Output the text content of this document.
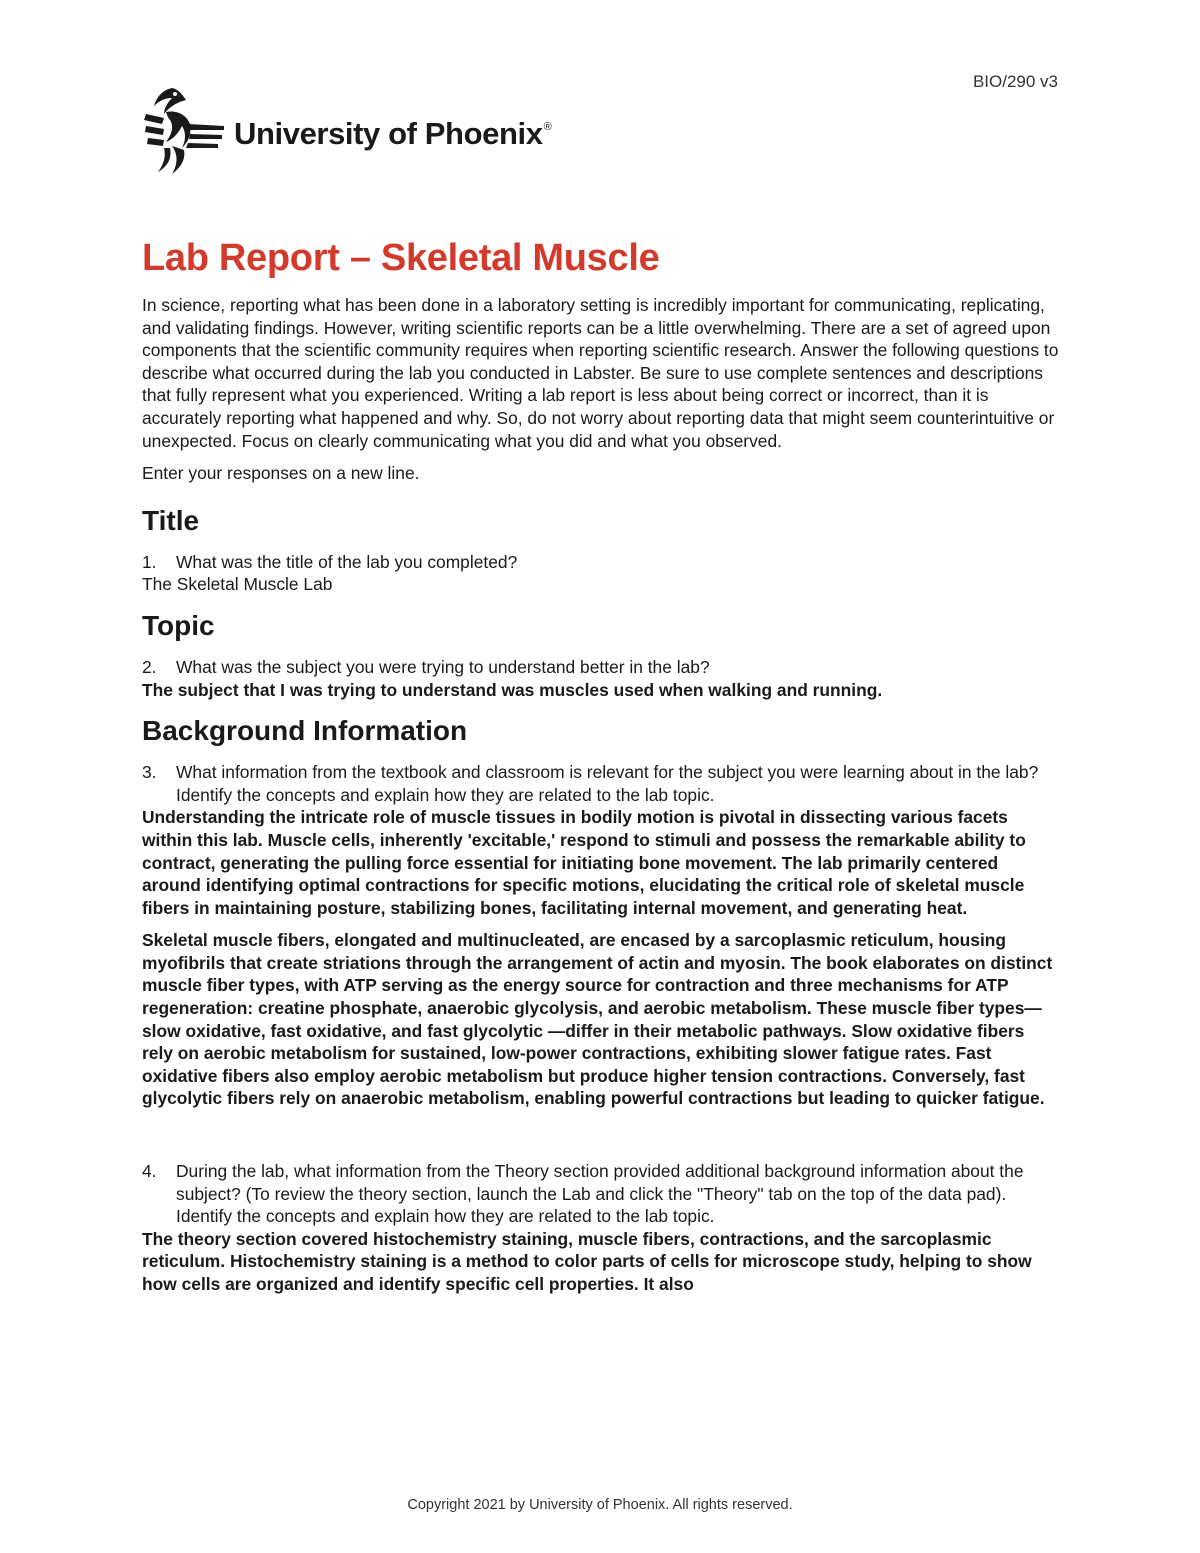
BIO/290 v3
University of Phoenix®
Lab Report – Skeletal Muscle

In science, reporting what has been done in a laboratory setting is incredibly important for communicating, replicating, and validating findings. However, writing scientific reports can be a little overwhelming. There are a set of agreed upon components that the scientific community requires when reporting scientific research. Answer the following questions to describe what occurred during the lab you conducted in Labster. Be sure to use complete sentences and descriptions that fully represent what you experienced. Writing a lab report is less about being correct or incorrect, than it is accurately reporting what happened and why. So, do not worry about reporting data that might seem counterintuitive or unexpected. Focus on clearly communicating what you did and what you observed.

Enter your responses on a new line.

Title
1.	What was the title of the lab you completed?

The Skeletal Muscle Lab

Topic
2.	What was the subject you were trying to understand better in the lab?

The subject that I was trying to understand was muscles used when walking and running.

Background Information
3.	What information from the textbook and classroom is relevant for the subject you were learning about in the lab? Identify the concepts and explain how they are related to the lab topic.

Understanding the intricate role of muscle tissues in bodily motion is pivotal in dissecting various facets within this lab. Muscle cells, inherently 'excitable,' respond to stimuli and possess the remarkable ability to contract, generating the pulling force essential for initiating bone movement. The lab primarily centered around identifying optimal contractions for specific motions, elucidating the critical role of skeletal muscle fibers in maintaining posture, stabilizing bones, facilitating internal movement, and generating heat.

Skeletal muscle fibers, elongated and multinucleated, are encased by a sarcoplasmic reticulum, housing myofibrils that create striations through the arrangement of actin and myosin. The book elaborates on distinct muscle fiber types, with ATP serving as the energy source for contraction and three mechanisms for ATP regeneration: creatine phosphate, anaerobic glycolysis, and aerobic metabolism. These muscle fiber types—slow oxidative, fast oxidative, and fast glycolytic —differ in their metabolic pathways. Slow oxidative fibers rely on aerobic metabolism for sustained, low-power contractions, exhibiting slower fatigue rates. Fast oxidative fibers also employ aerobic metabolism but produce higher tension contractions. Conversely, fast glycolytic fibers rely on anaerobic metabolism, enabling powerful contractions but leading to quicker fatigue.

4.	During the lab, what information from the Theory section provided additional background information about the subject? (To review the theory section, launch the Lab and click the "Theory" tab on the top of the data pad). Identify the concepts and explain how they are related to the lab topic.

The theory section covered histochemistry staining, muscle fibers, contractions, and the sarcoplasmic reticulum. Histochemistry staining is a method to color parts of cells for microscope study, helping to show how cells are organized and identify specific cell properties. It also

Copyright 2021 by University of Phoenix. All rights reserved.
